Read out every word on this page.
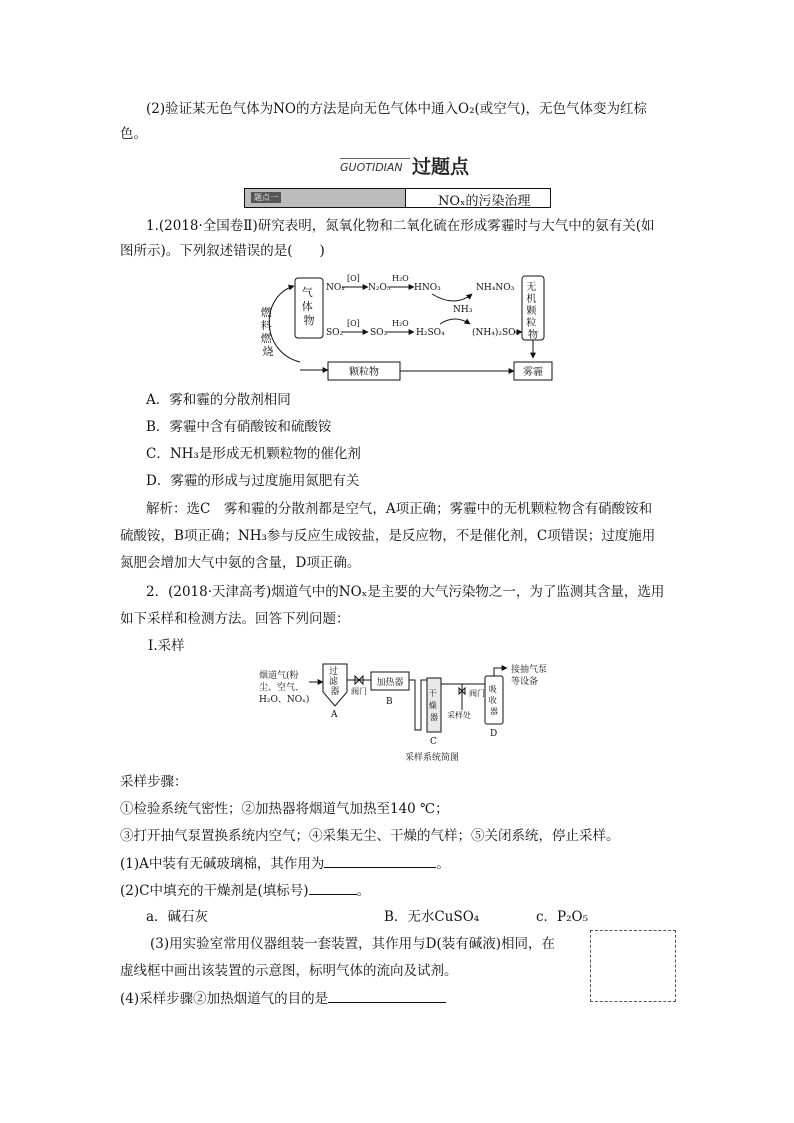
(2)验证某无色气体为NO的方法是向无色气体中通入O₂(或空气)，无色气体变为红棕
色。
GUOTIDIAN 过题点
题点一	NOₓ的污染治理
1.(2018·全国卷Ⅱ)研究表明，氮氧化物和二氧化硫在形成雾霾时与大气中的氨有关(如
图所示)。下列叙述错误的是(　　)
气 体 物
燃 料 燃 烧
NOₓ
[O]
N₂O₅
H₂O
HNO₃	NH₄NO₃
NH₃
SO₂
[O]
SO₃
H₂O
H₂SO₄	(NH₄)₂SO₄
无 机 颗 粒 物
颗粒物	雾霾
A．雾和霾的分散剂相同
B．雾霾中含有硝酸铵和硫酸铵
C．NH₃是形成无机颗粒物的催化剂
D．雾霾的形成与过度施用氮肥有关
解析：选C　雾和霾的分散剂都是空气，A项正确；雾霾中的无机颗粒物含有硝酸铵和
硫酸铵，B项正确；NH₃参与反应生成铵盐，是反应物，不是催化剂，C项错误；过度施用
氮肥会增加大气中氨的含量，D项正确。
2．(2018·天津高考)烟道气中的NOₓ是主要的大气污染物之一，为了监测其含量，选用
如下采样和检测方法。回答下列问题：
Ⅰ.采样
烟道气(粉 尘、空气、 H₂O、NOₓ)
过 滤 器
A
阀门
加热器
B
干 燥 器
C
阀门
采样处
吸 收 器
D
接抽气泵 等设备
采样系统简图
采样步骤：
①检验系统气密性；②加热器将烟道气加热至140 ℃；
③打开抽气泵置换系统内空气；④采集无尘、干燥的气样；⑤关闭系统，停止采样。
(1)A中装有无碱玻璃棉，其作用为	。
(2)C中填充的干燥剂是(填标号)	。
a．碱石灰	B．无水CuSO₄	c．P₂O₅
(3)用实验室常用仪器组装一套装置，其作用与D(装有碱液)相同，在
虚线框中画出该装置的示意图，标明气体的流向及试剂。
(4)采样步骤②加热烟道气的目的是
